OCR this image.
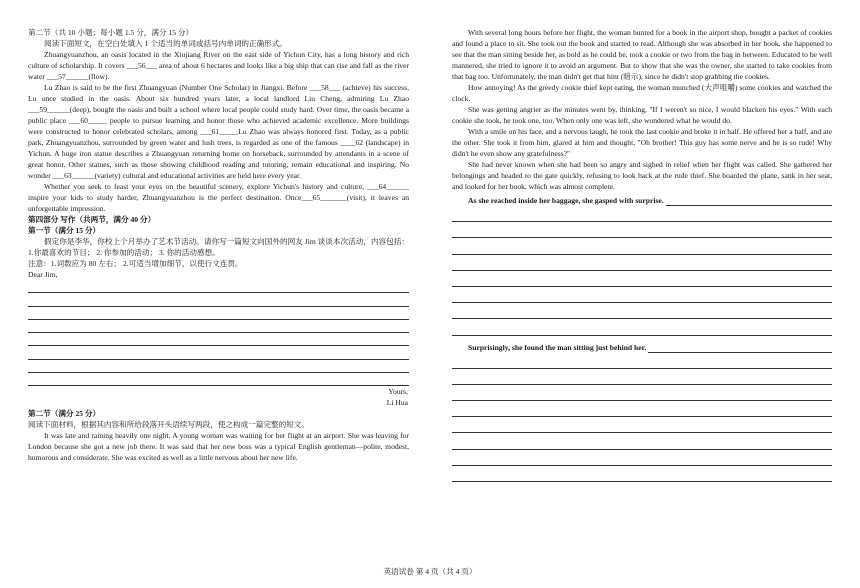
第二节（共 10 小题；每小题 1.5 分，满分 15 分）

阅读下面短文，在空白处填入 1 个适当的单词或括号内单词的正确形式。

Zhuangyuanzhou, an oasis located in the Xiujiang River on the east side of Yichun City, has a long history and rich culture of scholarship. It covers ___56___ area of about 6 hectares and looks like a big ship that can rise and fall as the river water ___57______(flow).

Lu Zhao is said to be the first Zhuangyuan (Number One Scholar) in Jiangxi. Before ___58___ (achieve) his success, Lu once studied in the oasis. About six hundred years later, a local landlord Liu Cheng, admiring Lu Zhao ___59______(deep), bought the oasis and built a school where local people could study hard. Over time, the oasis became a public place ___60_____ people to pursue learning and honor those who achieved academic excellence. More buildings were constructed to honor celebrated scholars, among ___61_____Lu Zhao was always honored first. Today, as a public park, Zhuangyuanzhou, surrounded by green water and lush trees, is regarded as one of the famous ____62 (landscape) in Yichun. A huge iron statue describes a Zhuangyuan returning home on horseback, surrounded by attendants in a scene of great honor. Other statues, such as those showing childhood reading and tutoring, remain educational and inspiring. No wonder ___63______(variety) cultural and educational activities are held here every year.

Whether you seek to feast your eyes on the beautiful scenery, explore Yichun's history and culture, ___64______ inspire your kids to study harder, Zhuangyuanzhou is the perfect destination. Once___65_______(visit), it leaves an unforgettable impression.

第四部分 写作（共两节，满分 40 分）

第一节（满分 15 分）

假定你是李华，你校上个月举办了艺术节活动。请你写一篇短文向国外的网友 Jim 谈谈本次活动，内容包括：1.你最喜欢的节目； 2. 你参加的活动； 3. 你的活动感想。

注意：1.词数应为 80 左右； 2.可适当增加细节，以使行文连贯。

Dear Jim,

Yours,

Li Hua

第二节（满分 25 分）

阅读下面材料，根据其内容和所给段落开头语续写两段，使之构成一篇完整的短文。

It was late and raining heavily one night. A young woman was waiting for her flight at an airport. She was leaving for London because she got a new job there. It was said that her new boss was a typical English gentleman—polite, modest, humorous and considerate. She was excited as well as a little nervous about her new life.

With several long hours before her flight, the woman hunted for a book in the airport shop, bought a packet of cookies and found a place to sit. She took out the book and started to read. Although she was absorbed in her book, she happened to see that the man sitting beside her, as bold as he could be, took a cookie or two from the bag in between. Educated to be well mannered, she tried to ignore it to avoid an argument. But to show that she was the owner, she started to take cookies from that bag too. Unfortunately, the man didn't get that hint (暗示), since he didn't stop grabbing the cookies.

How annoying! As the greedy cookie thief kept eating, the woman munched (大声咀嚼) some cookies and watched the clock.

She was getting angrier as the minutes went by, thinking, "If I weren't so nice, I would blacken his eyes." With each cookie she took, he took one, too. When only one was left, she wondered what he would do.

With a smile on his face, and a nervous laugh, he took the last cookie and broke it in half. He offered her a half, and ate the other. She took it from him, glared at him and thought, "Oh brother! This guy has some nerve and he is so rude! Why didn't he even show any gratefulness?"

She had never known when she had been so angry and sighed in relief when her flight was called. She gathered her belongings and headed to the gate quickly, refusing to look back at the rude thief. She boarded the plane, sank in her seat, and looked for her book, which was almost complete.

As she reached inside her baggage, she gasped with surprise.
Surprisingly, she found the man sitting just behind her.
英语试卷 第 4 页（共 4 页）
